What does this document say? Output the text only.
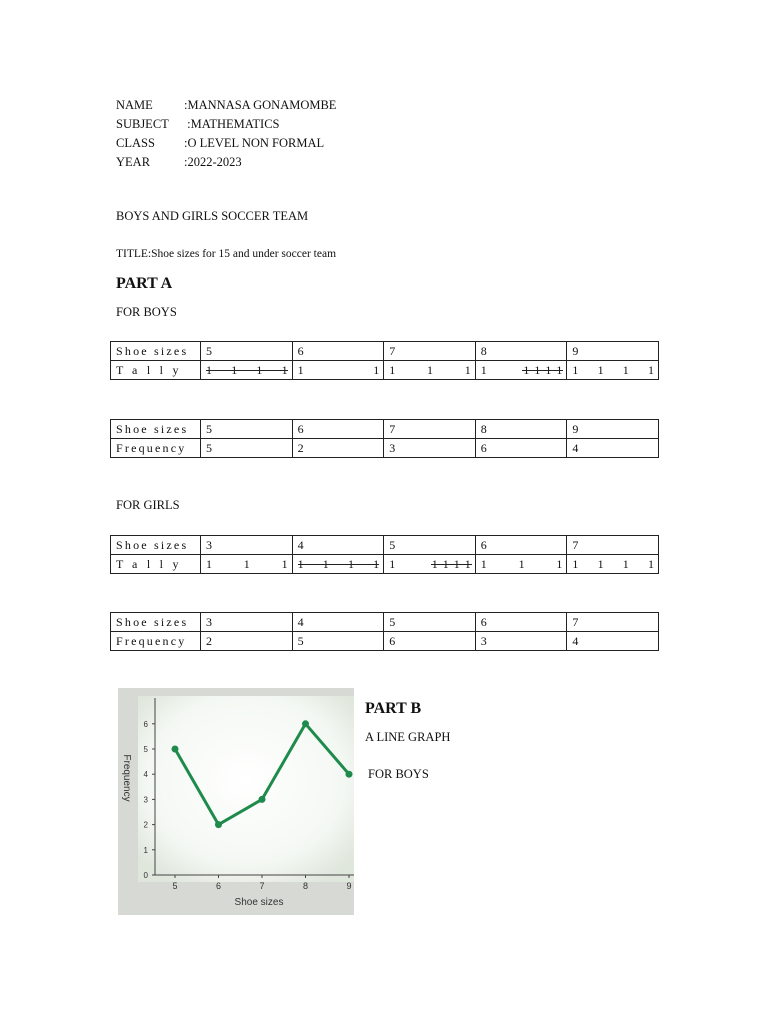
NAME	:MANNASA GONAMOMBE
SUBJECT	:MATHEMATICS
CLASS	:O LEVEL NON FORMAL
YEAR	:2022-2023
BOYS AND GIRLS SOCCER TEAM
TITLE:Shoe sizes for 15 and under soccer team
PART A
FOR BOYS
Shoe sizes	5	6	7	8	9
Tally	1 1 1 1	1 1	1 1 1	1 1 1 1 1	1 1 1 1
Shoe sizes	5	6	7	8	9
Frequency	5	2	3	6	4
FOR GIRLS
Shoe sizes	3	4	5	6	7
Tally	1 1 1	1 1 1 1	1 1 1 1 1	1 1 1	1 1 1 1
Shoe sizes	3	4	5	6	7
Frequency	2	5	6	3	4
0
1
2
3
4
5
6
5	6	7	8	9
Shoe sizes
Frequency
PART B
A LINE GRAPH
FOR BOYS
